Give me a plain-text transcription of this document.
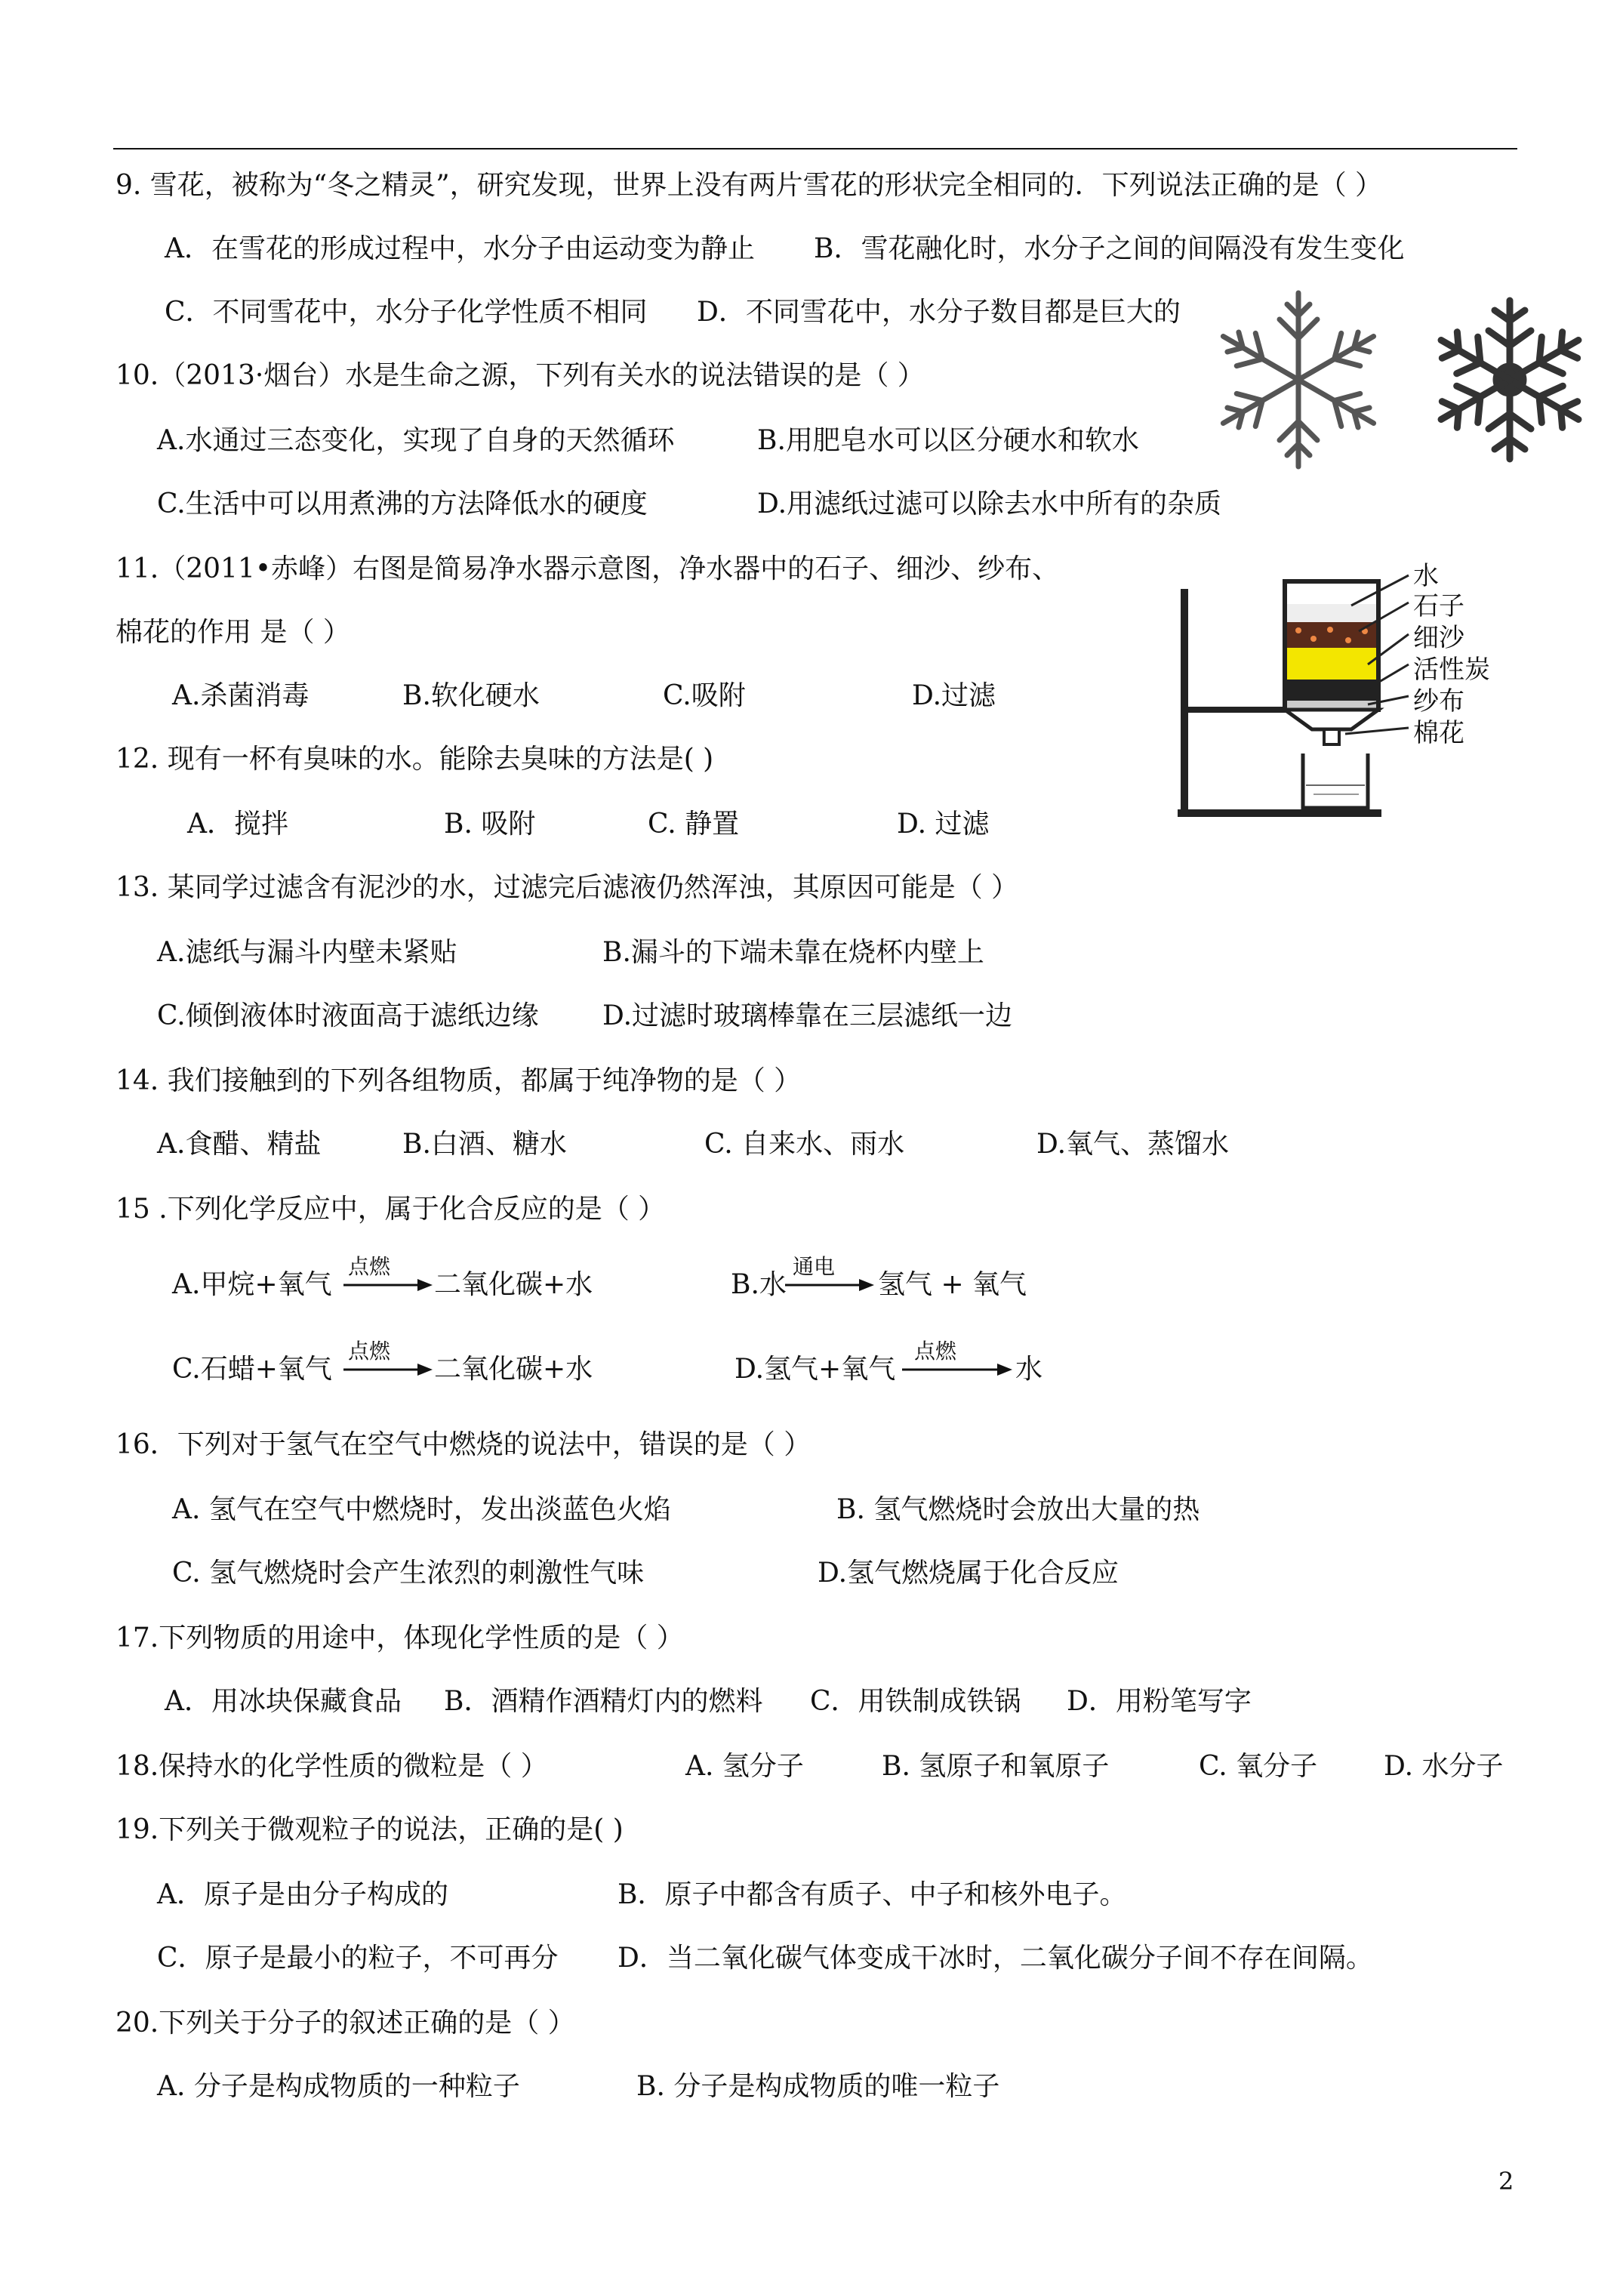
9. 雪花，被称为“冬之精灵”，研究发现，世界上没有两片雪花的形状完全相同的．下列说法正确的是（ ）
A．在雪花的形成过程中，水分子由运动变为静止 B．雪花融化时，水分子之间的间隔没有发生变化
C．不同雪花中，水分子化学性质不相同 D．不同雪花中，水分子数目都是巨大的
10.（2013·烟台）水是生命之源，下列有关水的说法错误的是（ ）
A.水通过三态变化，实现了自身的天然循环	B.用肥皂水可以区分硬水和软水
C.生活中可以用煮沸的方法降低水的硬度	D.用滤纸过滤可以除去水中所有的杂质
11.（2011•赤峰）右图是简易净水器示意图，净水器中的石子、细沙、纱布、
棉花的作用 是（ ）
A.杀菌消毒	B.软化硬水	C.吸附	D.过滤
水
石子
细沙
活性炭
纱布
棉花
12. 现有一杯有臭味的水。能除去臭味的方法是( )
A．搅拌	B. 吸附	C. 静置	D. 过滤
13. 某同学过滤含有泥沙的水，过滤完后滤液仍然浑浊，其原因可能是（ ）
A.滤纸与漏斗内壁未紧贴	B.漏斗的下端未靠在烧杯内壁上
C.倾倒液体时液面高于滤纸边缘 D.过滤时玻璃棒靠在三层滤纸一边
14. 我们接触到的下列各组物质，都属于纯净物的是（ ）
A.食醋、精盐	B.白酒、糖水	C. 自来水、雨水	D.氧气、蒸馏水
15 .下列化学反应中，属于化合反应的是（ ）
A.甲烷+氧气
点燃
二氧化碳+水	B.水
通电
氢气 + 氧气
C.石蜡+氧气
点燃
二氧化碳+水	D.氢气+氧气
点燃
水
16．下列对于氢气在空气中燃烧的说法中，错误的是（ ）
A. 氢气在空气中燃烧时，发出淡蓝色火焰	B. 氢气燃烧时会放出大量的热
C. 氢气燃烧时会产生浓烈的刺激性气味	D.氢气燃烧属于化合反应
17.下列物质的用途中，体现化学性质的是（ ）
A．用冰块保藏食品 B．酒精作酒精灯内的燃料 C．用铁制成铁锅 D．用粉笔写字
18.保持水的化学性质的微粒是（ ）	A. 氢分子	B. 氢原子和氧原子	C. 氧分子 D. 水分子
19.下列关于微观粒子的说法，正确的是( )
A．原子是由分子构成的	B．原子中都含有质子、中子和核外电子。
C．原子是最小的粒子，不可再分 D．当二氧化碳气体变成干冰时，二氧化碳分子间不存在间隔。
20.下列关于分子的叙述正确的是（ ）
A. 分子是构成物质的一种粒子	B. 分子是构成物质的唯一粒子
2
